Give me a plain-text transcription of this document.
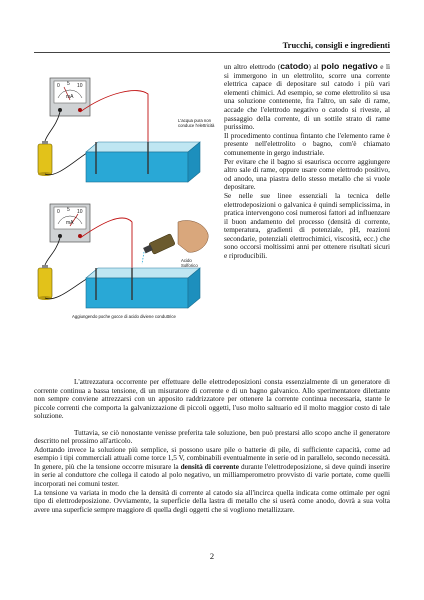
Trucchi, consigli e ingredienti
0 5 10
mA
L'acqua pura non
conduce l'elettricità
0 5 10
mA
Acido
Solforico
Aggiungendo poche gocce di acido diviene conduttrice

un altro elettrodo (catodo) al polo negativo e lì si immergono in un elettrolito, scorre una corrente elettrica capace di depositare sul catodo i più vari elementi chimici. Ad esempio, se come elettrolito si usa una soluzione contenente, fra l'altro, un sale di rame, accade che l'elettrodo negativo o catodo si riveste, al passaggio della corrente, di un sottile strato di rame purissimo.

Il procedimento continua fintanto che l'elemento rame è presente nell'elettrolito o bagno, com'è chiamato comunemente in gergo industriale.

Per evitare che il bagno si esaurisca occorre aggiungere altro sale di rame, oppure usare come elettrodo positivo, od anodo, una piastra dello stesso metallo che si vuole depositare.

Se nelle sue linee essenziali la tecnica delle elettrodeposizioni o galvanica è quindi semplicissima, in pratica intervengono così numerosi fattori ad influenzare il buon andamento del processo (densità di corrente, temperatura, gradienti di potenziale, pH, reazioni secondarie, potenziali elettrochimici, viscosità, ecc.) che sono occorsi moltissimi anni per ottenere risultati sicuri e riproducibili.

L'attrezzatura occorrente per effettuare delle elettrodeposizioni consta essenzialmente di un generatore di corrente continua a bassa tensione, di un misuratore di corrente e di un bagno galvanico. Allo sperimentatore dilettante non sempre conviene attrezzarsi con un apposito raddrizzatore per ottenere la corrente continua necessaria, stante le piccole correnti che comporta la galvanizzazione di piccoli oggetti, l'uso molto saltuario ed il molto maggior costo di tale soluzione.

Tuttavia, se ciò nonostante venisse preferita tale soluzione, ben può prestarsi allo scopo anche il generatore descritto nel prossimo all'articolo.

Adottando invece la soluzione più semplice, si possono usare pile o batterie di pile, di sufficiente capacità, come ad esempio i tipi commerciali attuali come torce 1,5 V, combinabili eventualmente in serie od in parallelo, secondo necessità. In genere, più che la tensione occorre misurare la densità di corrente durante l'elettrodeposizione, si deve quindi inserire in serie al conduttore che collega il catodo al polo negativo, un milliamperometro provvisto di varie portate, come quelli incorporati nei comuni tester.

La tensione va variata in modo che la densità di corrente al catodo sia all'incirca quella indicata come ottimale per ogni tipo di elettrodeposizione. Ovviamente, la superficie della lastra di metallo che si userà come anodo, dovrà a sua volta avere una superficie sempre maggiore di quella degli oggetti che si vogliono metallizzare.

2
